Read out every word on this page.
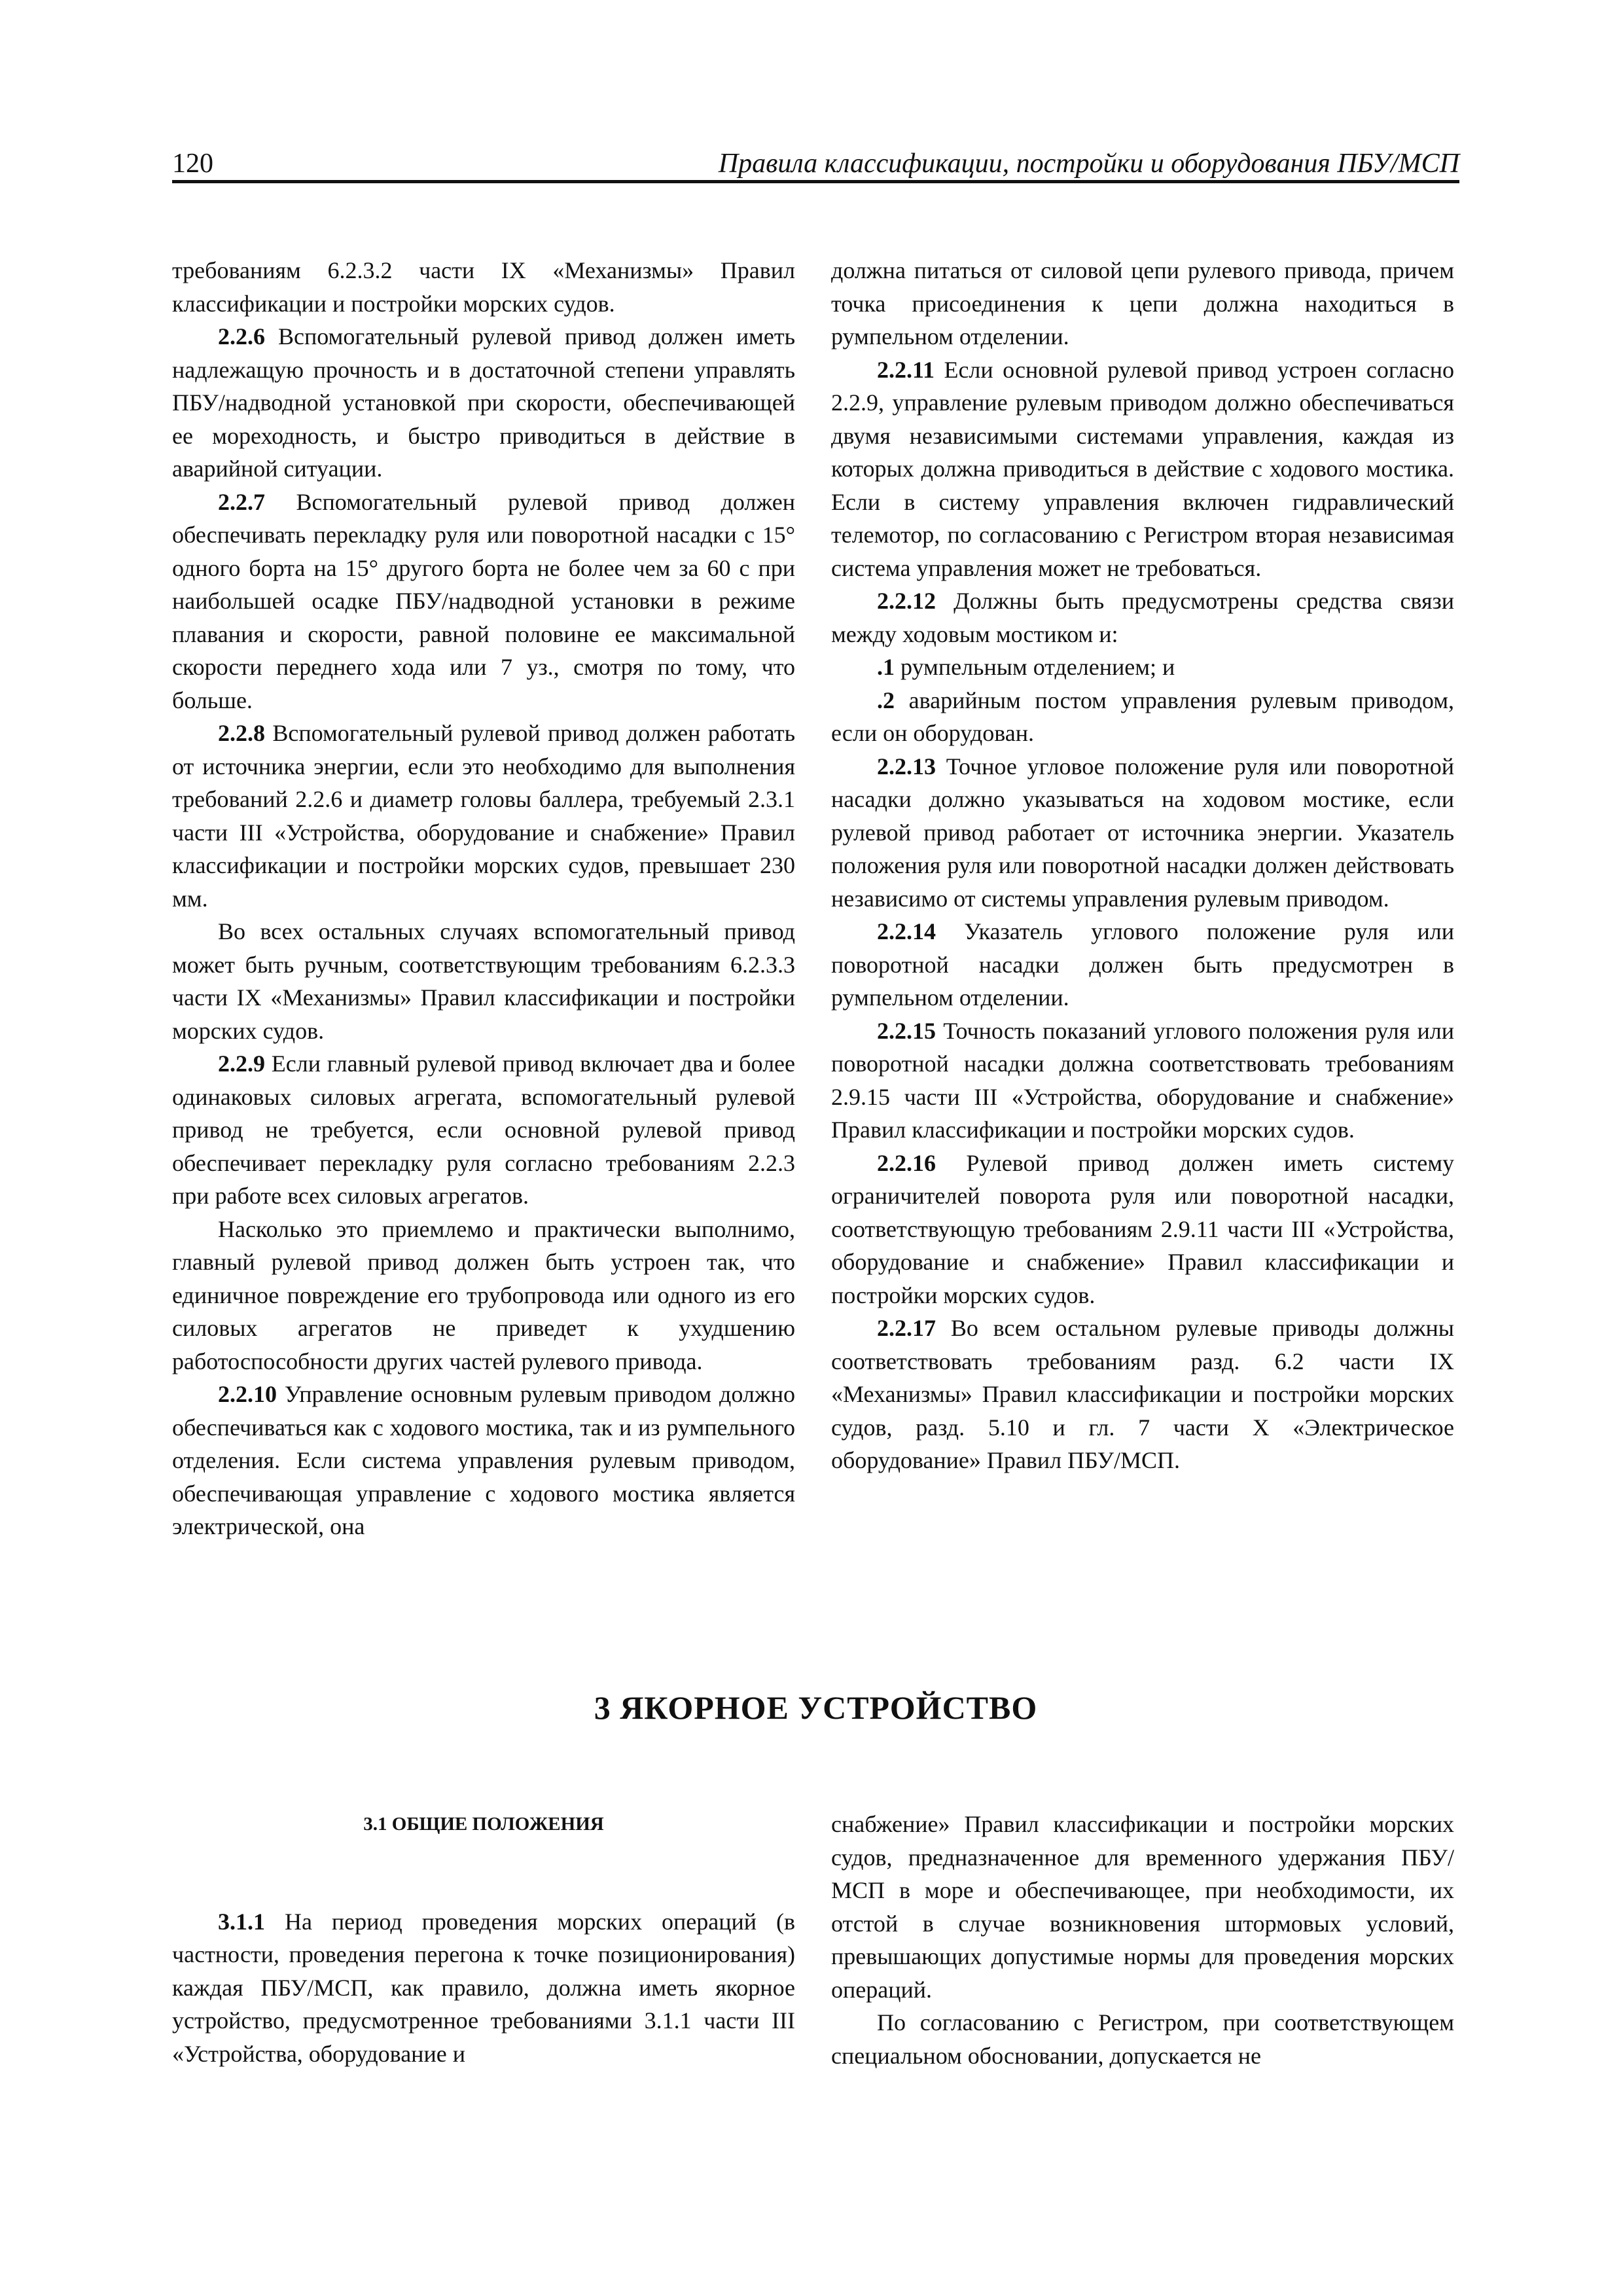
120	Правила классификации, постройки и оборудования ПБУ/МСП

требованиям 6.2.3.2 части IX «Механизмы» Правил классификации и постройки морских судов.

2.2.6 Вспомогательный рулевой привод должен иметь надлежащую прочность и в достаточной степени управлять ПБУ/надводной установкой при скорости, обеспечивающей ее мореходность, и быстро приводиться в действие в аварийной ситуации.

2.2.7 Вспомогательный рулевой привод должен обеспечивать перекладку руля или поворотной насадки с 15° одного борта на 15° другого борта не более чем за 60 с при наибольшей осадке ПБУ/надводной установки в режиме плавания и скорости, равной половине ее максимальной скорости переднего хода или 7 уз., смотря по тому, что больше.

2.2.8 Вспомогательный рулевой привод должен работать от источника энергии, если это необходимо для выполнения требований 2.2.6 и диаметр головы баллера, требуемый 2.3.1 части III «Устройства, оборудование и снабжение» Правил классификации и постройки морских судов, превышает 230 мм.

Во всех остальных случаях вспомогательный привод может быть ручным, соответствующим требованиям 6.2.3.3 части IX «Механизмы» Правил классификации и постройки морских судов.

2.2.9 Если главный рулевой привод включает два и более одинаковых силовых агрегата, вспомогательный рулевой привод не требуется, если основной рулевой привод обеспечивает перекладку руля согласно требованиям 2.2.3 при работе всех силовых агрегатов.

Насколько это приемлемо и практически выполнимо, главный рулевой привод должен быть устроен так, что единичное повреждение его трубопровода или одного из его силовых агрегатов не приведет к ухудшению работоспособности других частей рулевого привода.

2.2.10 Управление основным рулевым приводом должно обеспечиваться как с ходового мостика, так и из румпельного отделения. Если система управления рулевым приводом, обеспечивающая управление с ходового мостика является электрической, она

должна питаться от силовой цепи рулевого привода, причем точка присоединения к цепи должна находиться в румпельном отделении.

2.2.11 Если основной рулевой привод устроен согласно 2.2.9, управление рулевым приводом должно обеспечиваться двумя независимыми системами управления, каждая из которых должна приводиться в действие с ходового мостика. Если в систему управления включен гидравлический телемотор, по согласованию с Регистром вторая независимая система управления может не требоваться.

2.2.12 Должны быть предусмотрены средства связи между ходовым мостиком и:

.1 румпельным отделением; и

.2 аварийным постом управления рулевым приводом, если он оборудован.

2.2.13 Точное угловое положение руля или поворотной насадки должно указываться на ходовом мостике, если рулевой привод работает от источника энергии. Указатель положения руля или поворотной насадки должен действовать независимо от системы управления рулевым приводом.

2.2.14 Указатель углового положение руля или поворотной насадки должен быть предусмотрен в румпельном отделении.

2.2.15 Точность показаний углового положения руля или поворотной насадки должна соответствовать требованиям 2.9.15 части III «Устройства, оборудование и снабжение» Правил классификации и постройки морских судов.

2.2.16 Рулевой привод должен иметь систему ограничителей поворота руля или поворотной насадки, соответствующую требованиям 2.9.11 части III «Устройства, оборудование и снабжение» Правил классификации и постройки морских судов.

2.2.17 Во всем остальном рулевые приводы должны соответствовать требованиям разд. 6.2 части IX «Механизмы» Правил классификации и постройки морских судов, разд. 5.10 и гл. 7 части X «Электрическое оборудование» Правил ПБУ/МСП.

3 ЯКОРНОЕ УСТРОЙСТВО
3.1 ОБЩИЕ ПОЛОЖЕНИЯ

3.1.1 На период проведения морских операций (в частности, проведения перегона к точке позиционирования) каждая ПБУ/МСП, как правило, должна иметь якорное устройство, предусмотренное требованиями 3.1.1 части III «Устройства, оборудование и

снабжение» Правил классификации и постройки морских судов, предназначенное для временного удержания ПБУ/МСП в море и обеспечивающее, при необходимости, их отстой в случае возникновения штормовых условий, превышающих допустимые нормы для проведения морских операций.

По согласованию с Регистром, при соответствующем специальном обосновании, допускается не
